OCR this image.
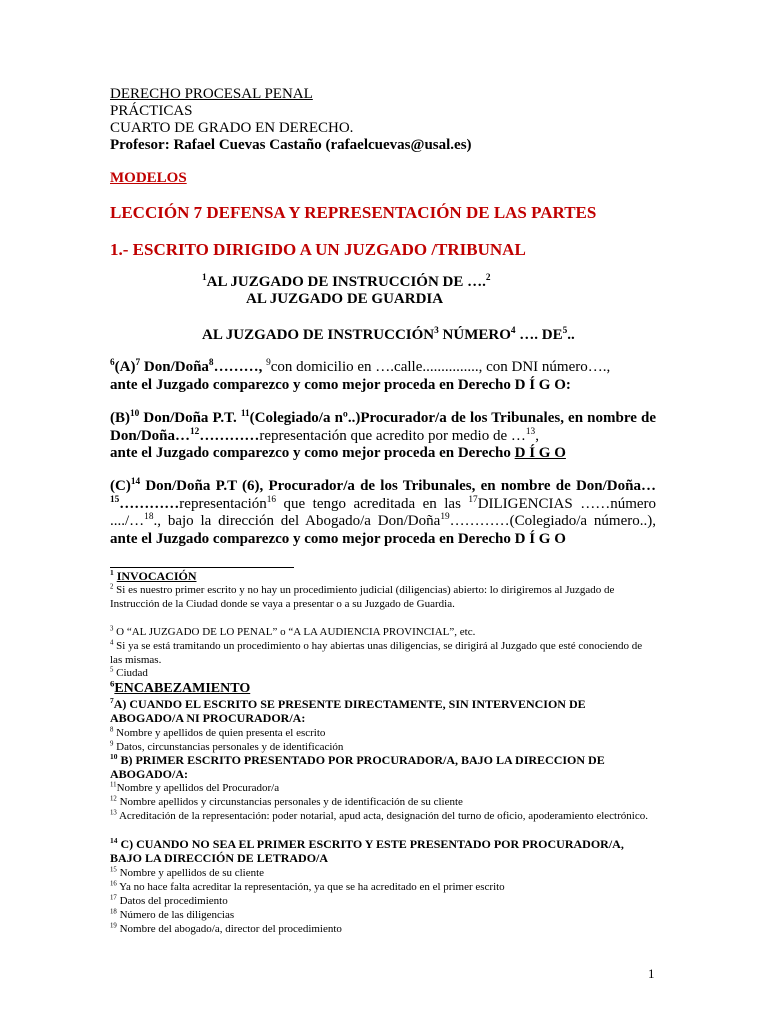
DERECHO PROCESAL PENAL
PRÁCTICAS
CUARTO DE GRADO EN DERECHO.
Profesor: Rafael Cuevas Castaño (rafaelcuevas@usal.es)
MODELOS
LECCIÓN 7 DEFENSA Y REPRESENTACIÓN DE LAS PARTES
1.- ESCRITO DIRIGIDO A UN JUZGADO /TRIBUNAL
$^1$AL JUZGADO DE INSTRUCCIÓN DE ….$^2$
AL JUZGADO DE GUARDIA
AL JUZGADO DE INSTRUCCIÓN$^3$ NÚMERO$^4$ …. $DE^5$..
$^6(A)^7$ Don/Doña$^8$………, $^9$con domicilio en ….calle..............., con DNI número….,
ante el Juzgado comparezco y como mejor proceda en Derecho D Í G O:
$(B)^{10}$ Don/Doña P.T. $^{11}$(Colegiado/a nº..)Procurador/a de los Tribunales, en nombre de Don/Doña…$^{12}$…………representación que acredito por medio de …$^{13}$,
ante el Juzgado comparezco y como mejor proceda en Derecho D Í G O
$(C)^{14}$ Don/Doña P.T (6), Procurador/a de los Tribunales, en nombre de Don/Doña…$^{15}$…………representación$^{16}$ que tengo acreditada en las $^{17}$DILIGENCIAS ……número ..../…$^{18}$., bajo la dirección del Abogado/a Don/Doña$^{19}$…………(Colegiado/a número..), ante el Juzgado comparezco y como mejor proceda en Derecho D Í G O
$^1$ INVOCACIÓN
$^2$ Si es nuestro primer escrito y no hay un procedimiento judicial (diligencias) abierto: lo dirigiremos al Juzgado de Instrucción de la Ciudad donde se vaya a presentar o a su Juzgado de Guardia.
$^3$ O “AL JUZGADO DE LO PENAL” o “A LA AUDIENCIA PROVINCIAL”, etc.
$^4$ Si ya se está tramitando un procedimiento o hay abiertas unas diligencias, se dirigirá al Juzgado que esté conociendo de las mismas.
$^5$ Ciudad
$^6$ENCABEZAMIENTO
$^7$A) CUANDO EL ESCRITO SE PRESENTE DIRECTAMENTE, SIN INTERVENCION DE ABOGADO/A NI PROCURADOR/A:
$^8$ Nombre y apellidos de quien presenta el escrito
$^9$ Datos, circunstancias personales y de identificación
$^{10}$ B) PRIMER ESCRITO PRESENTADO POR PROCURADOR/A, BAJO LA DIRECCION DE ABOGADO/A:
$^{11}$Nombre y apellidos del Procurador/a
$^{12}$ Nombre apellidos y circunstancias personales y de identificación de su cliente
$^{13}$ Acreditación de la representación: poder notarial, apud acta, designación del turno de oficio, apoderamiento electrónico.
$^{14}$ C) CUANDO NO SEA EL PRIMER ESCRITO Y ESTE PRESENTADO POR PROCURADOR/A, BAJO LA DIRECCIÓN DE LETRADO/A
$^{15}$ Nombre y apellidos de su cliente
$^{16}$ Ya no hace falta acreditar la representación, ya que se ha acreditado en el primer escrito
$^{17}$ Datos del procedimiento
$^{18}$ Número de las diligencias
$^{19}$ Nombre del abogado/a, director del procedimiento
1
